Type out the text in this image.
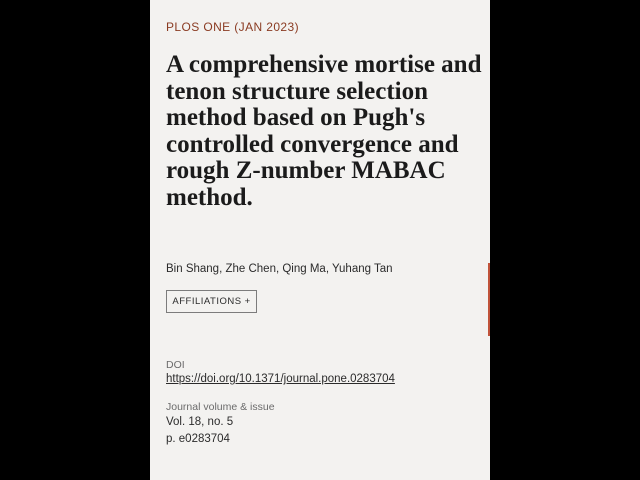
PLOS ONE (JAN 2023)
A comprehensive mortise and tenon structure selection method based on Pugh's controlled convergence and rough Z-number MABAC method.
Bin Shang, Zhe Chen, Qing Ma, Yuhang Tan
AFFILIATIONS +
DOI
https://doi.org/10.1371/journal.pone.0283704
Journal volume & issue
Vol. 18, no. 5
p. e0283704
